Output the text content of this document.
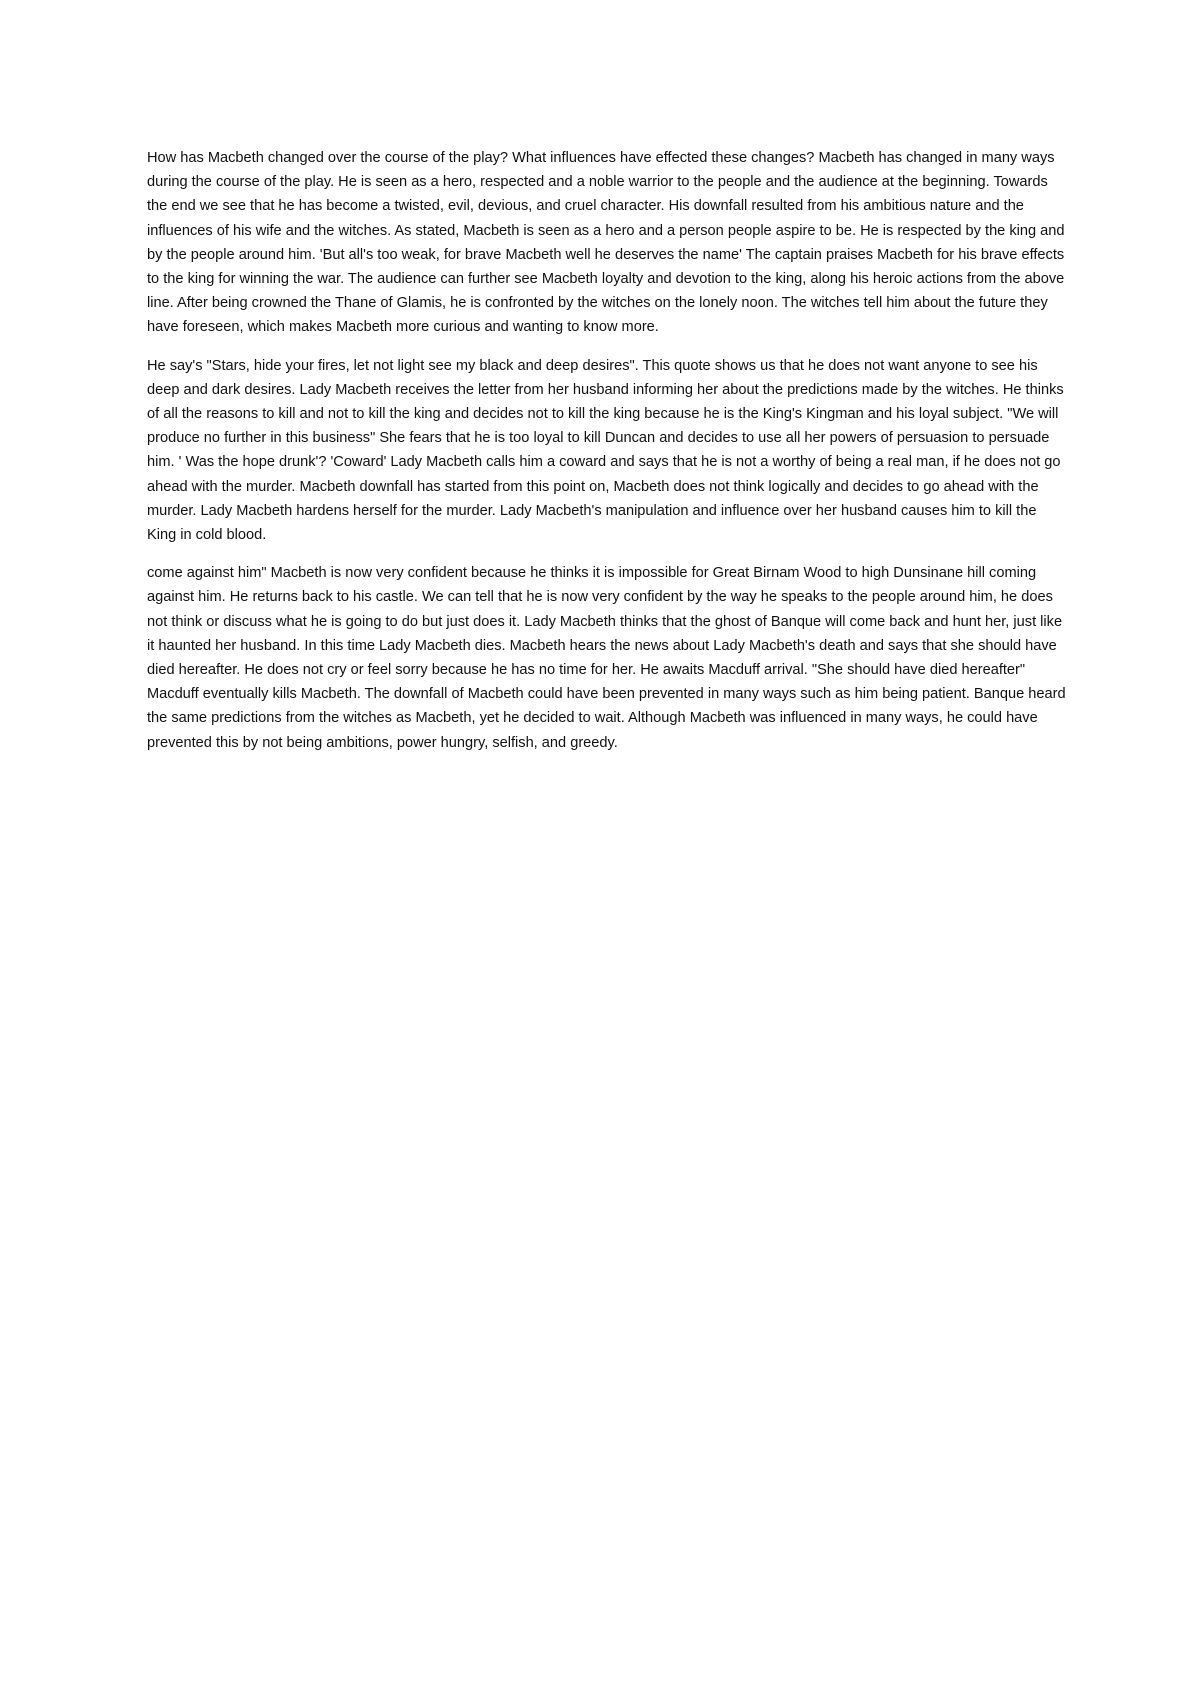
How has Macbeth changed over the course of the play? What influences have effected these changes? Macbeth has changed in many ways during the course of the play. He is seen as a hero, respected and a noble warrior to the people and the audience at the beginning. Towards the end we see that he has become a twisted, evil, devious, and cruel character. His downfall resulted from his ambitious nature and the influences of his wife and the witches. As stated, Macbeth is seen as a hero and a person people aspire to be. He is respected by the king and by the people around him. 'But all's too weak, for brave Macbeth well he deserves the name' The captain praises Macbeth for his brave effects to the king for winning the war. The audience can further see Macbeth loyalty and devotion to the king, along his heroic actions from the above line. After being crowned the Thane of Glamis, he is confronted by the witches on the lonely noon. The witches tell him about the future they have foreseen, which makes Macbeth more curious and wanting to know more.

He say's "Stars, hide your fires, let not light see my black and deep desires". This quote shows us that he does not want anyone to see his deep and dark desires. Lady Macbeth receives the letter from her husband informing her about the predictions made by the witches. He thinks of all the reasons to kill and not to kill the king and decides not to kill the king because he is the King's Kingman and his loyal subject. "We will produce no further in this business" She fears that he is too loyal to kill Duncan and decides to use all her powers of persuasion to persuade him. ' Was the hope drunk'? 'Coward' Lady Macbeth calls him a coward and says that he is not a worthy of being a real man, if he does not go ahead with the murder. Macbeth downfall has started from this point on, Macbeth does not think logically and decides to go ahead with the murder. Lady Macbeth hardens herself for the murder. Lady Macbeth's manipulation and influence over her husband causes him to kill the King in cold blood.

come against him" Macbeth is now very confident because he thinks it is impossible for Great Birnam Wood to high Dunsinane hill coming against him. He returns back to his castle. We can tell that he is now very confident by the way he speaks to the people around him, he does not think or discuss what he is going to do but just does it. Lady Macbeth thinks that the ghost of Banque will come back and hunt her, just like it haunted her husband. In this time Lady Macbeth dies. Macbeth hears the news about Lady Macbeth's death and says that she should have died hereafter. He does not cry or feel sorry because he has no time for her. He awaits Macduff arrival. "She should have died hereafter" Macduff eventually kills Macbeth. The downfall of Macbeth could have been prevented in many ways such as him being patient. Banque heard the same predictions from the witches as Macbeth, yet he decided to wait. Although Macbeth was influenced in many ways, he could have prevented this by not being ambitions, power hungry, selfish, and greedy.
